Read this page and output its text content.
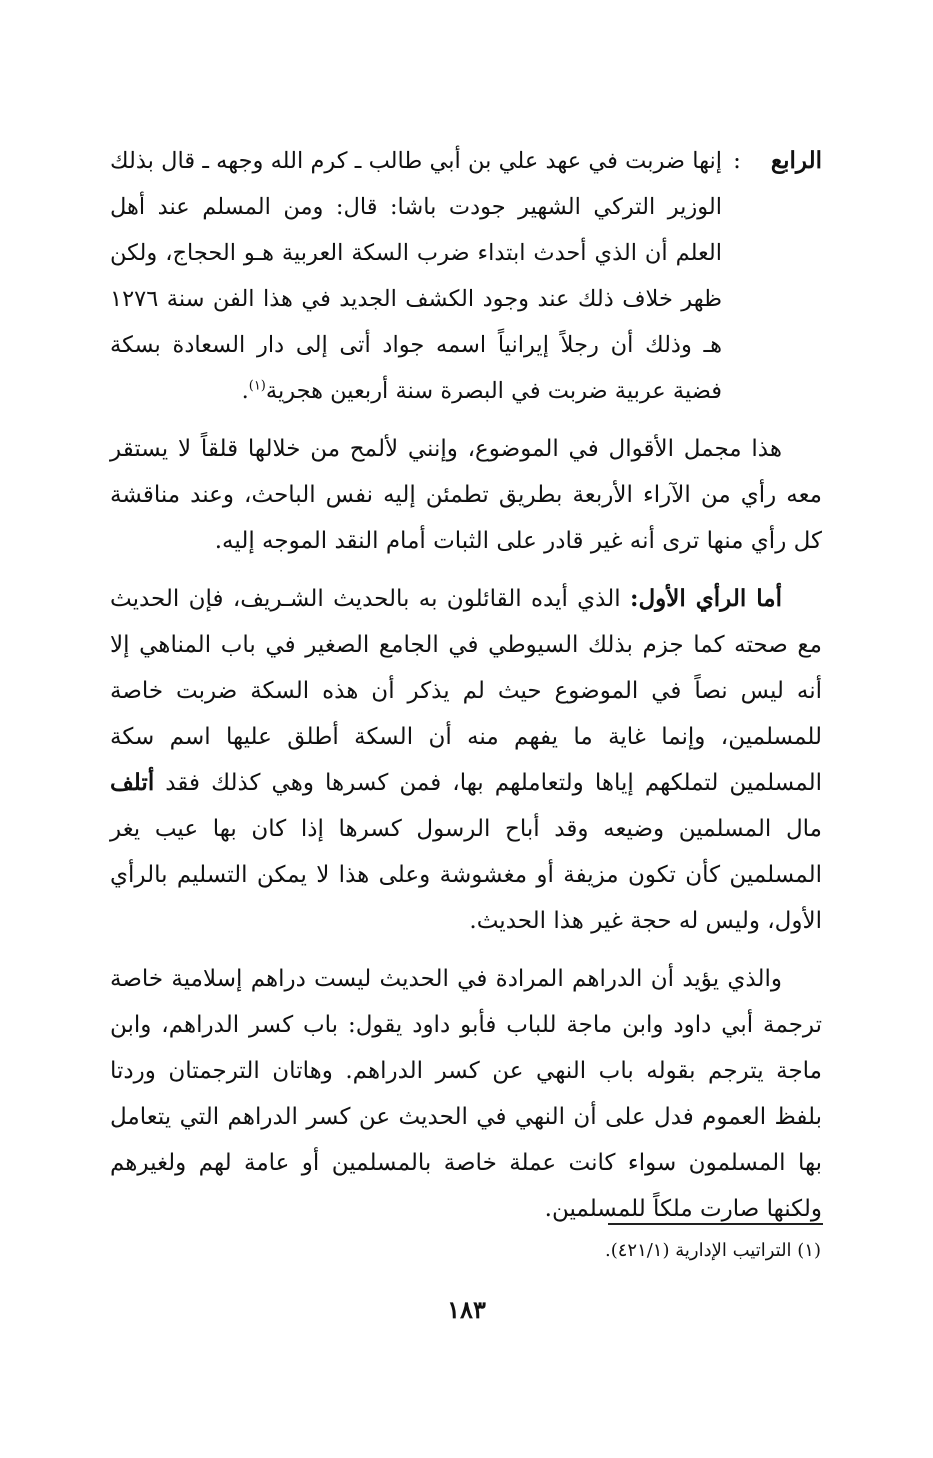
الرابع
:

إنها ضربت في عهد علي بن أبي طالب ـ كرم الله وجهه ـ قال بذلك الوزير التركي الشهير جودت باشا: قال: ومن المسلم عند أهل العلم أن الذي أحدث ابتداء ضرب السكة العربية هـو الحجاج، ولكن ظهر خلاف ذلك عند وجود الكشف الجديد في هذا الفن سنة ١٢٧٦ هـ وذلك أن رجلاً إيرانياً اسمه جواد أتى إلى دار السعادة بسكة فضية عربية ضربت في البصرة سنة أربعين هجرية$^{(١)}$.

هذا مجمل الأقوال في الموضوع، وإنني لألمح من خلالها قلقاً لا يستقر معه رأي من الآراء الأربعة بطريق تطمئن إليه نفس الباحث، وعند مناقشة كل رأي منها ترى أنه غير قادر على الثبات أمام النقد الموجه إليه.

أما الرأي الأول: الذي أيده القائلون به بالحديث الشـريف، فإن الحديث مع صحته كما جزم بذلك السيوطي في الجامع الصغير في باب المناهي إلا أنه ليس نصاً في الموضوع حيث لم يذكر أن هذه السكة ضربت خاصة للمسلمين، وإنما غاية ما يفهم منه أن السكة أطلق عليها اسم سكة المسلمين لتملكهم إياها ولتعاملهم بها، فمن كسرها وهي كذلك فقد أتلف مال المسلمين وضيعه وقد أباح الرسول كسرها إذا كان بها عيب يغر المسلمين كأن تكون مزيفة أو مغشوشة وعلى هذا لا يمكن التسليم بالرأي الأول، وليس له حجة غير هذا الحديث.

والذي يؤيد أن الدراهم المرادة في الحديث ليست دراهم إسلامية خاصة ترجمة أبي داود وابن ماجة للباب فأبو داود يقول: باب كسر الدراهم، وابن ماجة يترجم بقوله باب النهي عن كسر الدراهم. وهاتان الترجمتان وردتا بلفظ العموم فدل على أن النهي في الحديث عن كسر الدراهم التي يتعامل بها المسلمون سواء كانت عملة خاصة بالمسلمين أو عامة لهم ولغيرهم ولكنها صارت ملكاً للمسلمين.

(١) التراتيب الإدارية (٤٢١/١).
١٨٣
